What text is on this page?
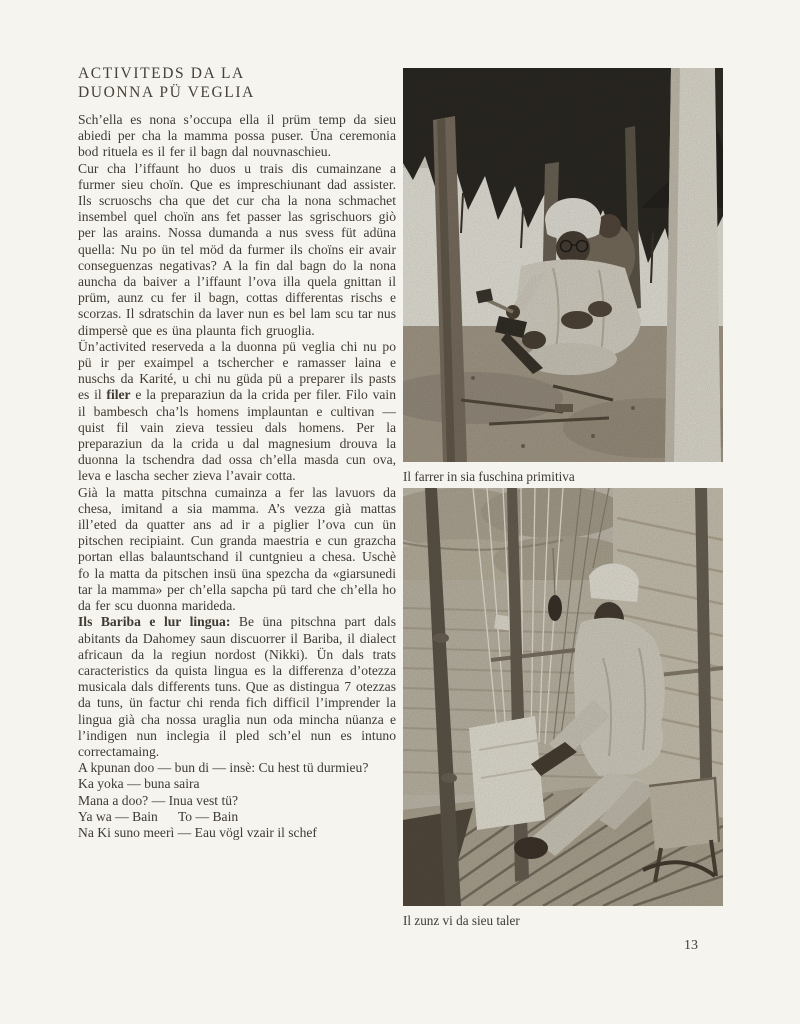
ACTIVITEDS DA LA
DUONNA PÜ VEGLIA

Sch’ella es nona s’occupa ella il prüm temp da sieu abiedi per cha la mamma possa puser. Üna ceremonia bod rituela es il fer il bagn dal nouvnaschieu.

Cur cha l’iffaunt ho duos u trais dis cumainzane a furmer sieu choïn. Que es impreschiunant dad assister. Ils scruoschs cha que det cur cha la nona schmachet insembel quel choïn ans fet passer las sgrischuors giò per las arains. Nossa dumanda a nus svess füt adüna quella: Nu po ün tel möd da furmer ils choïns eir avair conseguenzas negativas? A la fin dal bagn do la nona auncha da baiver a l’iffaunt l’ova illa quela gnittan il prüm, aunz cu fer il bagn, cottas differentas rischs e scorzas. Il sdratschin da laver nun es bel lam scu tar nus dimpersè que es üna plaunta fich gruoglia.

Ün’activited reserveda a la duonna pü veglia chi nu po pü ir per exaimpel a tschercher e ramasser laina e nuschs da Karité, u chi nu güda pü a preparer ils pasts es il filer e la preparaziun da la crida per filer. Filo vain il bambesch cha’ls homens implauntan e cultivan — quist fil vain zieva tessieu dals homens. Per la preparaziun da la crida u dal magnesium drouva la duonna la tschendra dad ossa ch’ella masda cun ova, leva e lascha secher zieva l’avair cotta.

Già la matta pitschna cumainza a fer las lavuors da chesa, imitand a sia mamma. A’s vezza già mattas ill’eted da quatter ans ad ir a piglier l’ova cun ün pitschen recipiaint. Cun granda maestria e cun grazcha portan ellas balauntschand il cuntgnieu a chesa. Uschè fo la matta da pitschen insü üna spezcha da «giarsunedi tar la mamma» per ch’ella sapcha pü tard che ch’ella ho da fer scu duonna marideda.

Ils Bariba e lur lingua: Be üna pitschna part dals abitants da Dahomey saun discuorrer il Bariba, il dialect africaun da la regiun nordost (Nikki). Ün dals trats caracteristics da quista lingua es la differenza d’otezza musicala dals differents tuns. Que as distingua 7 otezzas da tuns, ün factur chi renda fich difficil l’imprender la lingua già cha nossa uraglia nun oda mincha nüanza e l’indigen nun inclegia il pled sch’el nun es intuno correctamaing.

A kpunan doo — bun di — insè: Cu hest tü durmieu?

Ka yoka — buna saira

Mana a doo? — Inua vest tü?

Ya wa — Bain      To — Bain

Na Ki suno meerì — Eau vögl vzair il schef

Il farrer in sia fuschina primitiva
Il zunz vi da sieu taler
13
